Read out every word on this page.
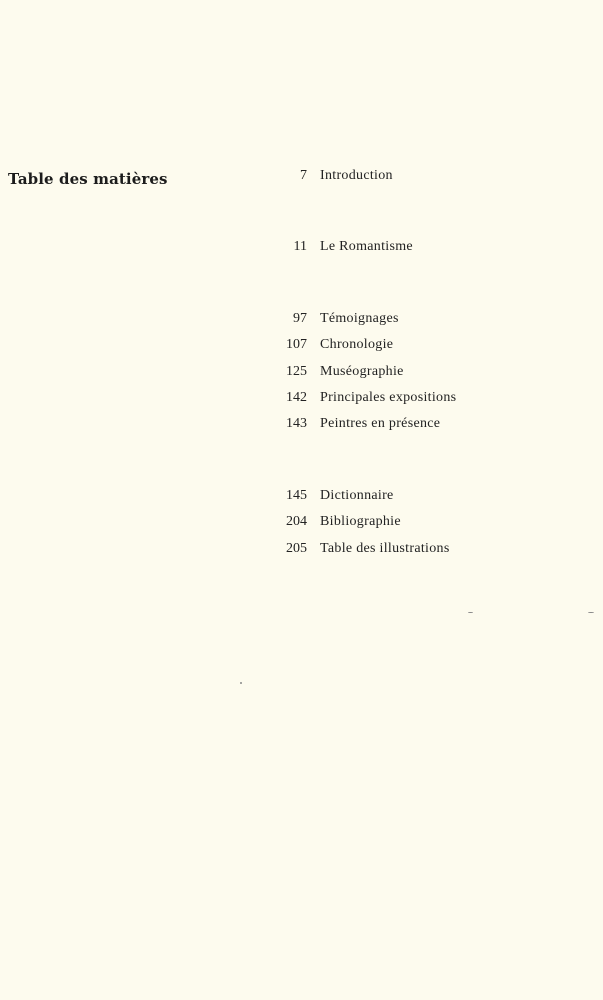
Table des matières	7 Introduction
11 Le Romantisme
97 Témoignages
107 Chronologie
125 Muséographie
142 Principales expositions
143 Peintres en présence
145 Dictionnaire
204 Bibliographie
205 Table des illustrations
